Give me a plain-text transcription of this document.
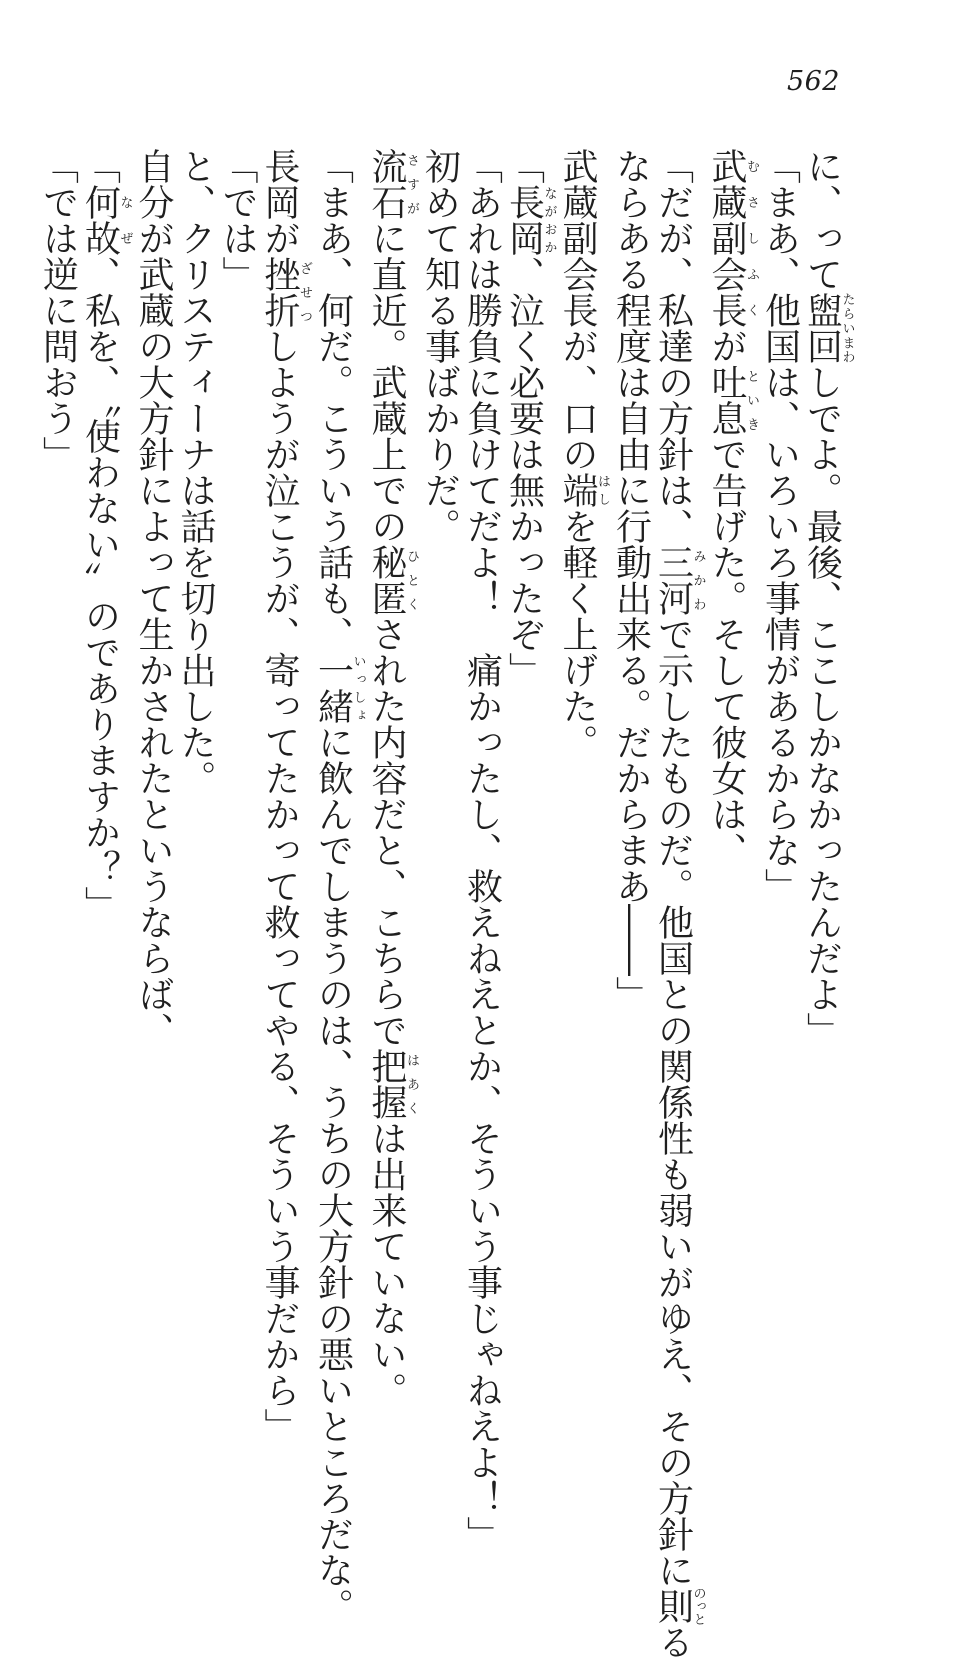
562
に、って盥回たらいまわしでよ。最後、ここしかなかったんだよ」
「まあ、他国は、いろいろ事情があるからな」
武蔵副会長むさしふくが吐息といきで告げた。そして彼女は、
「だが、私達の方針は、三河みかわで示したものだ。他国との関係性も弱いがゆえ、その方針に則のっとる
ならある程度は自由に行動出来る。だからまあ――」
武蔵副会長が、口の端はしを軽く上げた。
「長岡ながおか、泣く必要は無かったぞ」
「あれは勝負に負けてだよ！　痛かったし、救えねえとか、そういう事じゃねえよ！」
初めて知る事ばかりだ。
流石さすがに直近。武蔵上での秘匿ひとくされた内容だと、こちらで把握はあくは出来ていない。
「まあ、何だ。こういう話も、一緒いっしょに飲んでしまうのは、うちの大方針の悪いところだな。
長岡が挫折ざせつしようが泣こうが、寄ってたかって救ってやる、そういう事だから」
「では」
と、クリスティーナは話を切り出した。
自分が武蔵の大方針によって生かされたというならば、
「何故なぜ、私を、〝使わない〟のでありますか？」
「では逆に問おう」
